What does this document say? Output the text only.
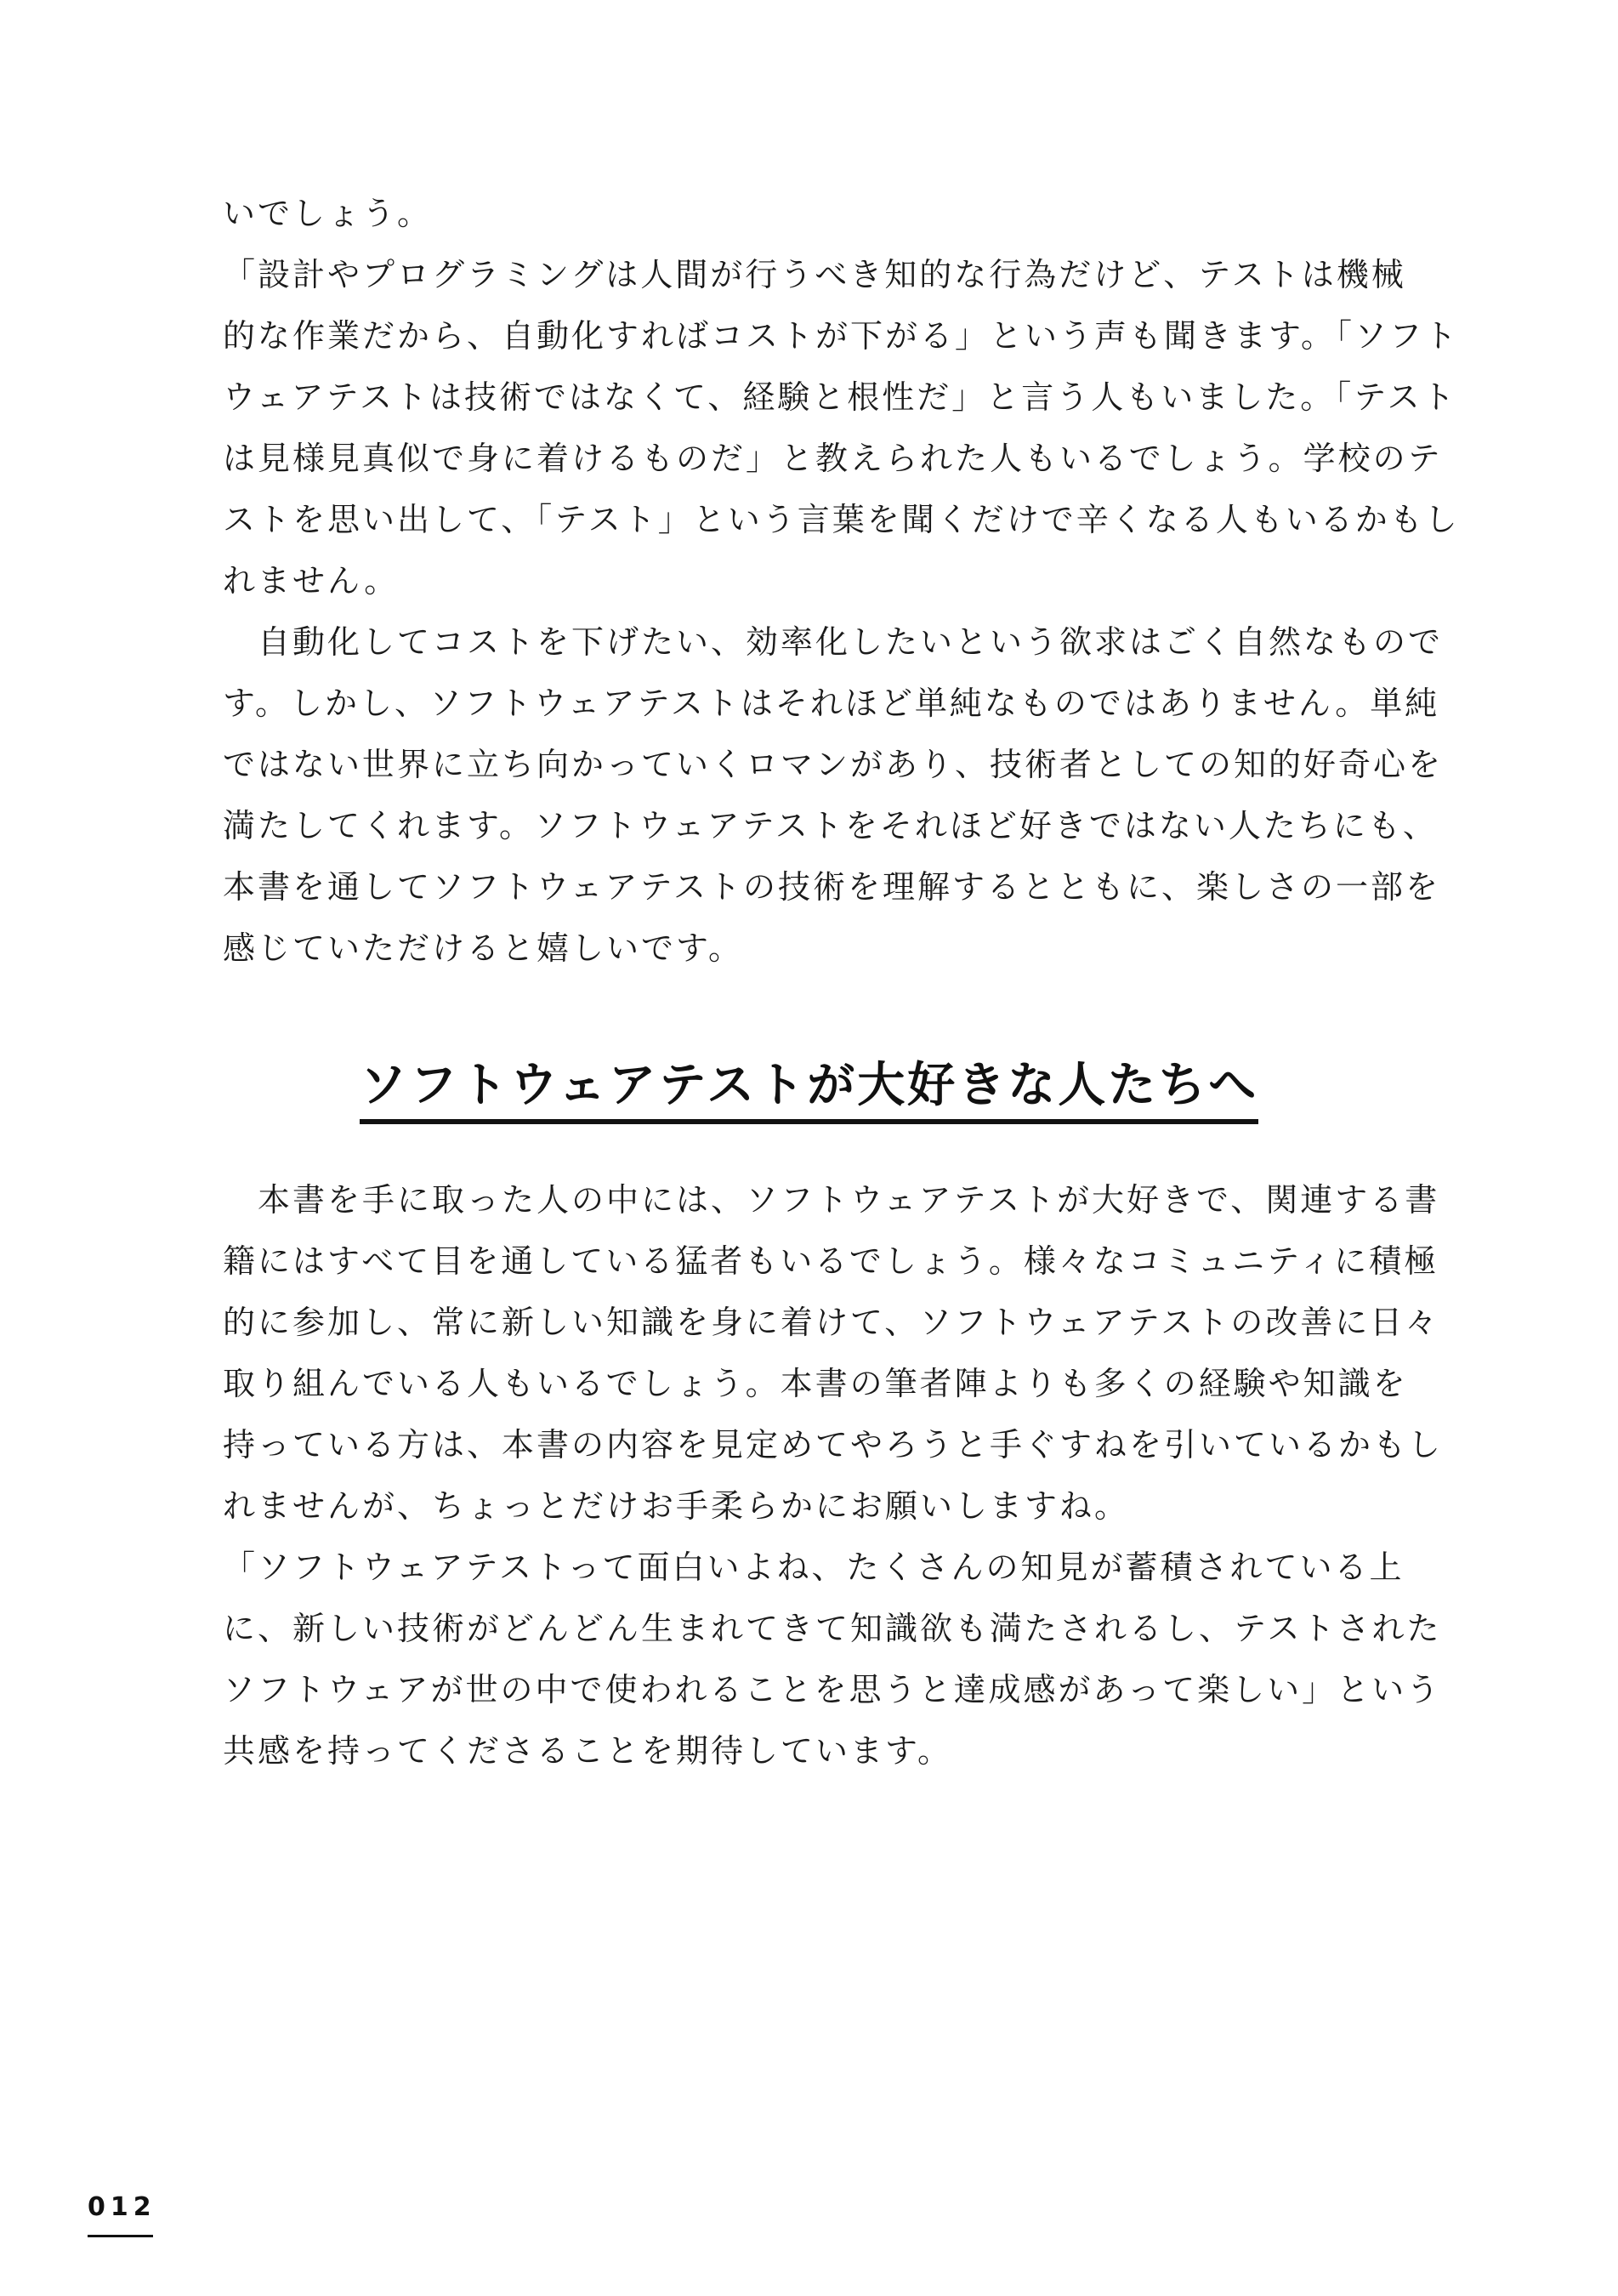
いでしょう。

「設計やプログラミングは人間が行うべき知的な行為だけど、テストは機械

的な作業だから、自動化すればコストが下がる」という声も聞きます。「ソフト

ウェアテストは技術ではなくて、経験と根性だ」と言う人もいました。「テスト

は見様見真似で身に着けるものだ」と教えられた人もいるでしょう。学校のテ

ストを思い出して、「テスト」という言葉を聞くだけで辛くなる人もいるかもし

れません。

　自動化してコストを下げたい、効率化したいという欲求はごく自然なもので

す。しかし、ソフトウェアテストはそれほど単純なものではありません。単純

ではない世界に立ち向かっていくロマンがあり、技術者としての知的好奇心を

満たしてくれます。ソフトウェアテストをそれほど好きではない人たちにも、

本書を通してソフトウェアテストの技術を理解するとともに、楽しさの一部を

感じていただけると嬉しいです。

ソフトウェアテストが大好きな人たちへ

　本書を手に取った人の中には、ソフトウェアテストが大好きで、関連する書

籍にはすべて目を通している猛者もいるでしょう。様々なコミュニティに積極

的に参加し、常に新しい知識を身に着けて、ソフトウェアテストの改善に日々

取り組んでいる人もいるでしょう。本書の筆者陣よりも多くの経験や知識を

持っている方は、本書の内容を見定めてやろうと手ぐすねを引いているかもし

れませんが、ちょっとだけお手柔らかにお願いしますね。

「ソフトウェアテストって面白いよね、たくさんの知見が蓄積されている上

に、新しい技術がどんどん生まれてきて知識欲も満たされるし、テストされた

ソフトウェアが世の中で使われることを思うと達成感があって楽しい」という

共感を持ってくださることを期待しています。

012
